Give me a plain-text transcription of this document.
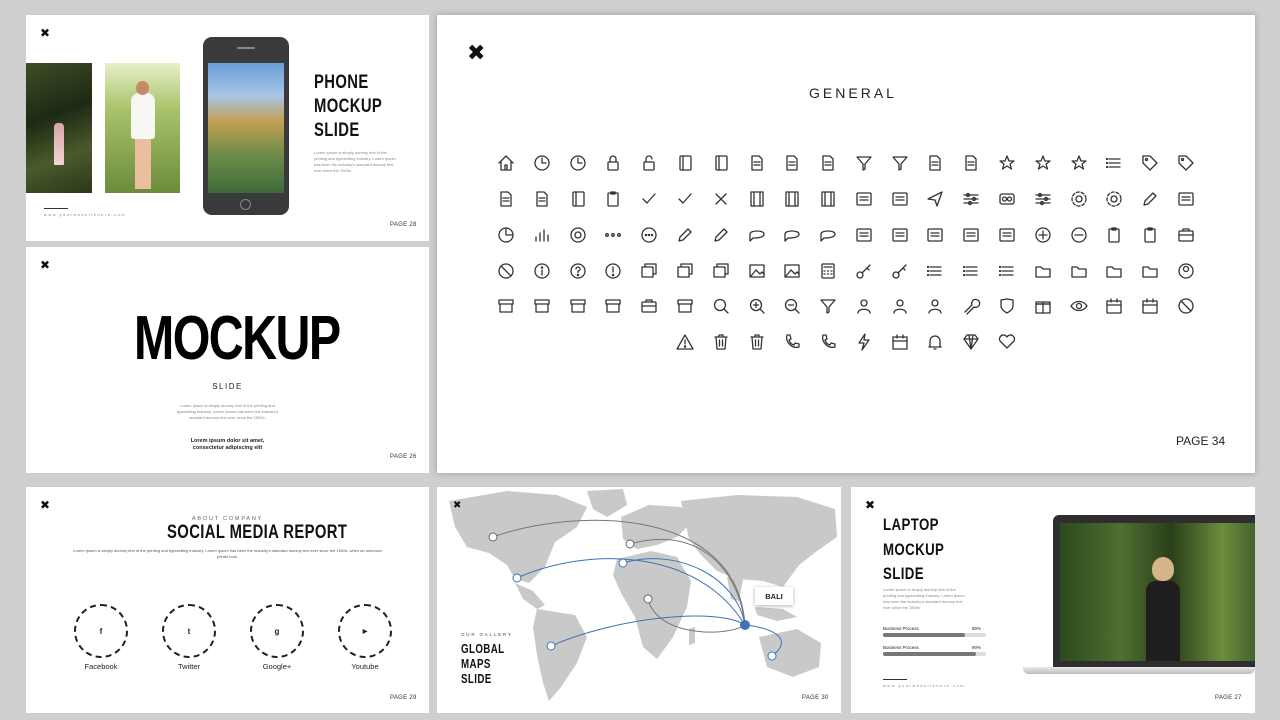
✖
www.yourwebsitehere.com
PHONE
MOCKUP
SLIDE
Lorem Ipsum is simply dummy text of the printing and typesetting industry. Lorem Ipsum has been the industry's standard dummy text ever since the 1500s.
PAGE 28
✖
MOCKUP
SLIDE
Lorem Ipsum is simply dummy text of the printing and typesetting industry. Lorem Ipsum has been the industry's standard dummy text ever since the 1500s.
Lorem ipsum dolor sit amet,
consectetur adipiscing elit
PAGE 26
✖
GENERAL
PAGE 34
✖
ABOUT COMPANY
SOCIAL MEDIA REPORT
Lorem Ipsum is simply dummy text of the printing and typesetting industry. Lorem Ipsum has been the industry's standard dummy text ever since the 1500s, when an unknown printer took.
f	t	g	▶
Facebook	Twitter	Google+	Youtube
PAGE 29
✖
BALI
OUR GALLERY
GLOBAL
MAPS
SLIDE
PAGE 30
✖
LAPTOP
MOCKUP
SLIDE
Lorem Ipsum is simply dummy text of the printing and typesetting industry. Lorem Ipsum has been the industry's standard dummy text ever since the 1500s.
Business Process	80%
Business Process	90%
www.yourwebsitehere.com
PAGE 27
